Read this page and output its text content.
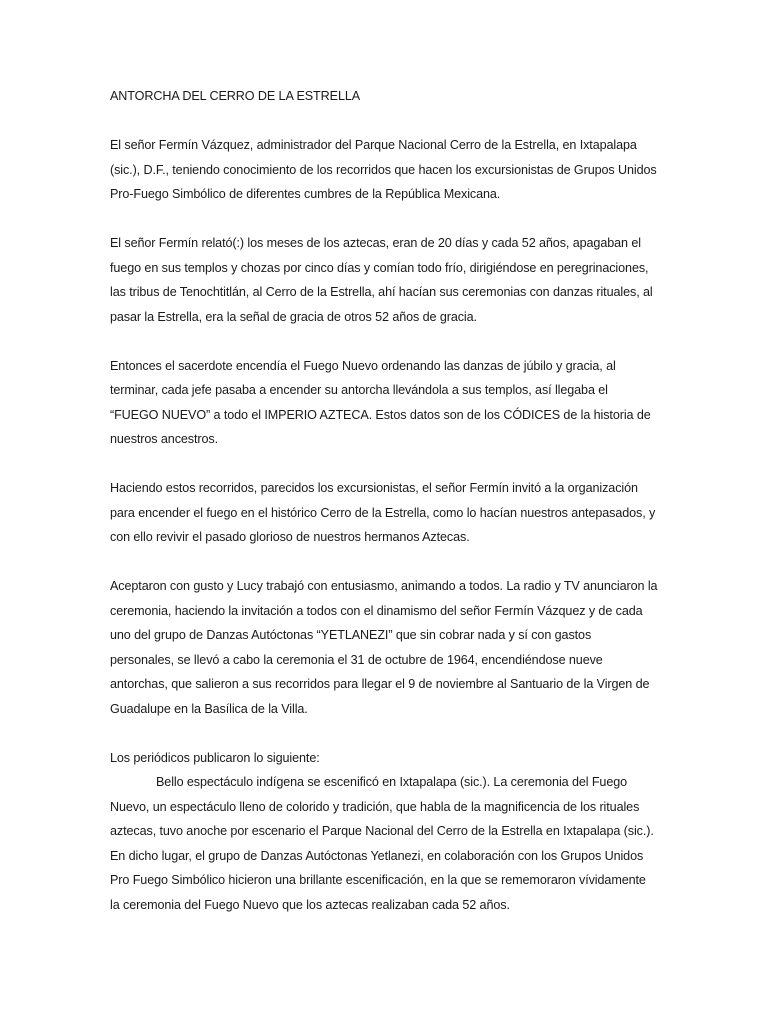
ANTORCHA DEL CERRO DE LA ESTRELLA

El señor Fermín Vázquez, administrador del Parque Nacional Cerro de la Estrella, en Ixtapalapa (sic.), D.F., teniendo conocimiento de los recorridos que hacen los excursionistas de Grupos Unidos Pro-Fuego Simbólico de diferentes cumbres de la República Mexicana.

El señor Fermín relató(:) los meses de los aztecas, eran de 20 días y cada 52 años, apagaban el fuego en sus templos y chozas por cinco días y comían todo frío, dirigiéndose en peregrinaciones, las tribus de Tenochtitlán, al Cerro de la Estrella, ahí hacían sus ceremonias con danzas rituales, al pasar la Estrella, era la señal de gracia de otros 52 años de gracia.

Entonces el sacerdote encendía el Fuego Nuevo ordenando las danzas de júbilo y gracia, al terminar, cada jefe pasaba a encender su antorcha llevándola a sus templos, así llegaba el “FUEGO NUEVO” a todo el IMPERIO AZTECA. Estos datos son de los CÓDICES de la historia de nuestros ancestros.

Haciendo estos recorridos, parecidos los excursionistas, el señor Fermín invitó a la organización para encender el fuego en el histórico Cerro de la Estrella, como lo hacían nuestros antepasados, y con ello revivir el pasado glorioso de nuestros hermanos Aztecas.

Aceptaron con gusto y Lucy trabajó con entusiasmo, animando a todos. La radio y TV anunciaron la ceremonia, haciendo la invitación a todos con el dinamismo del señor Fermín Vázquez y de cada uno del grupo de Danzas Autóctonas “YETLANEZI” que sin cobrar nada y sí con gastos personales, se llevó a cabo la ceremonia el 31 de octubre de 1964, encendiéndose nueve antorchas, que salieron a sus recorridos para llegar el 9 de noviembre al Santuario de la Virgen de Guadalupe en la Basílica de la Villa.

Los periódicos publicaron lo siguiente:

Bello espectáculo indígena se escenificó en Ixtapalapa (sic.). La ceremonia del Fuego Nuevo, un espectáculo lleno de colorido y tradición, que habla de la magnificencia de los rituales aztecas, tuvo anoche por escenario el Parque Nacional del Cerro de la Estrella en Ixtapalapa (sic.). En dicho lugar, el grupo de Danzas Autóctonas Yetlanezi, en colaboración con los Grupos Unidos Pro Fuego Simbólico hicieron una brillante escenificación, en la que se rememoraron vívidamente la ceremonia del Fuego Nuevo que los aztecas realizaban cada 52 años.
